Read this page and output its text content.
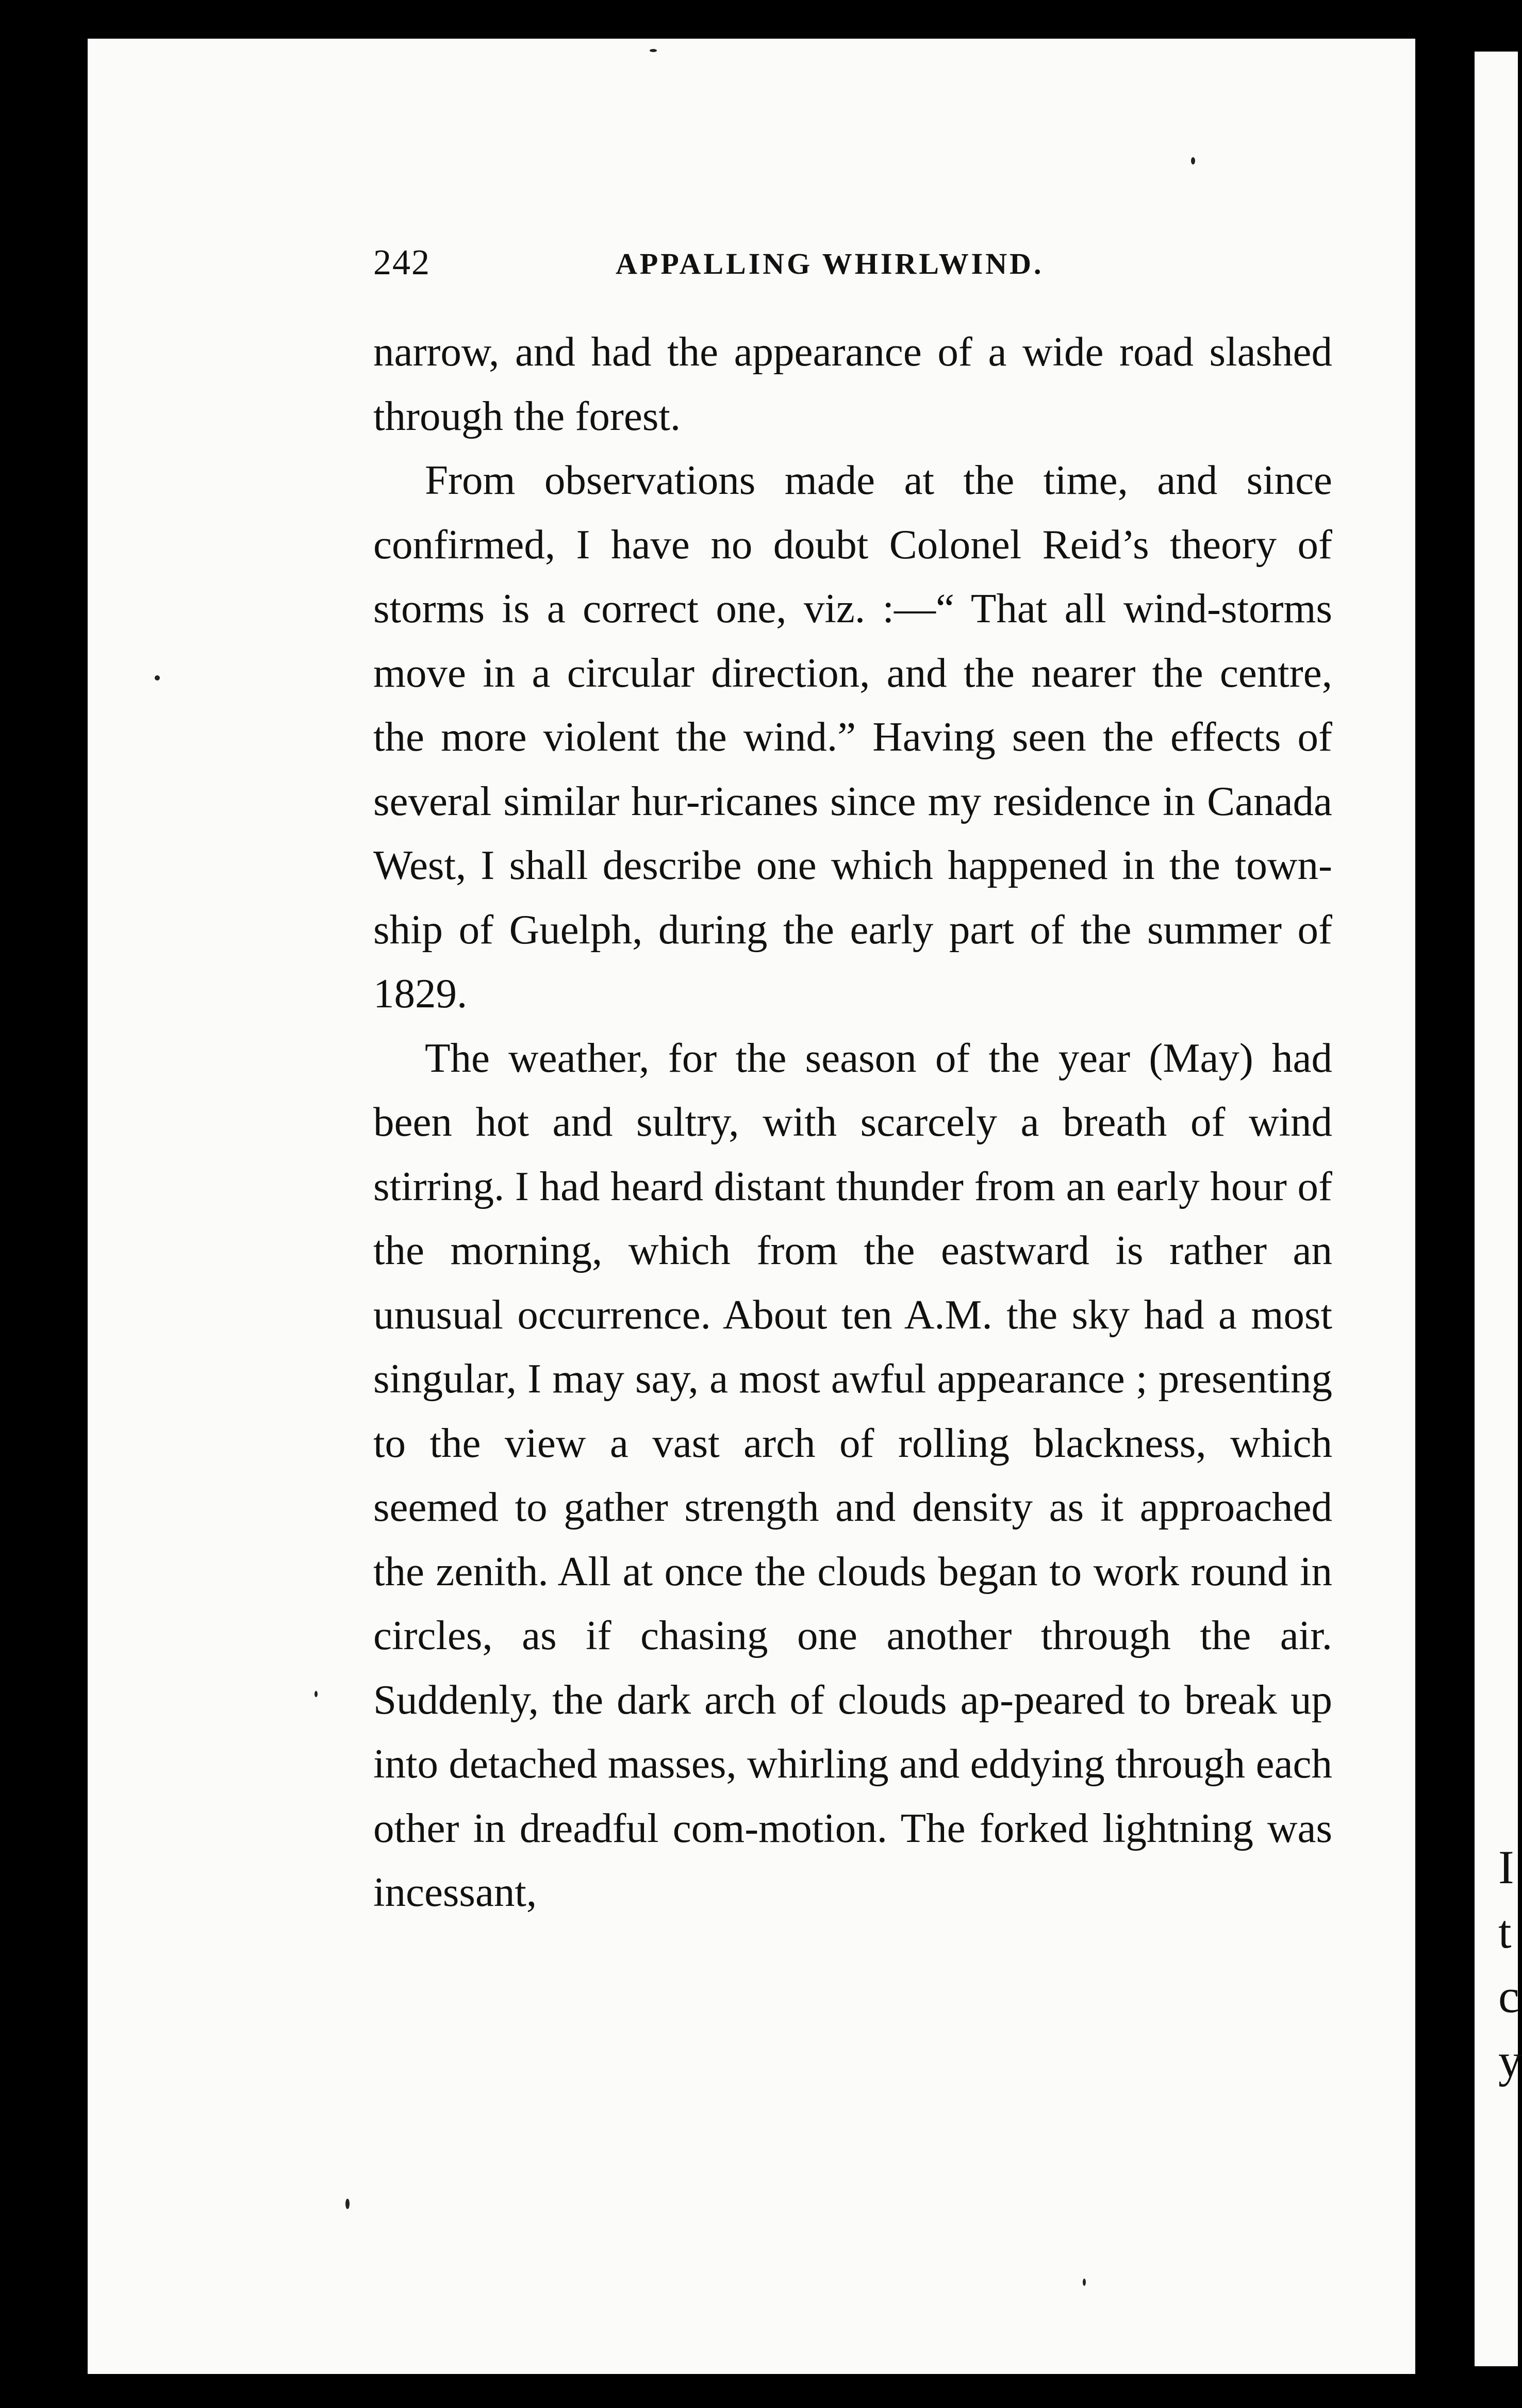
I
t
c
y
242	APPALLING WHIRLWIND.

narrow, and had the appearance of a wide road slashed through the forest.

From observations made at the time, and since confirmed, I have no doubt Colonel Reid’s theory of storms is a correct one, viz. :—“ That all wind-storms move in a circular direction, and the nearer the centre, the more violent the wind.” Having seen the effects of several similar hur-ricanes since my residence in Canada West, I shall describe one which happened in the town-ship of Guelph, during the early part of the summer of 1829.

The weather, for the season of the year (May) had been hot and sultry, with scarcely a breath of wind stirring. I had heard distant thunder from an early hour of the morning, which from the eastward is rather an unusual occurrence. About ten A.M. the sky had a most singular, I may say, a most awful appearance ; presenting to the view a vast arch of rolling blackness, which seemed to gather strength and density as it approached the zenith. All at once the clouds began to work round in circles, as if chasing one another through the air. Suddenly, the dark arch of clouds ap-peared to break up into detached masses, whirling and eddying through each other in dreadful com-motion. The forked lightning was incessant,
